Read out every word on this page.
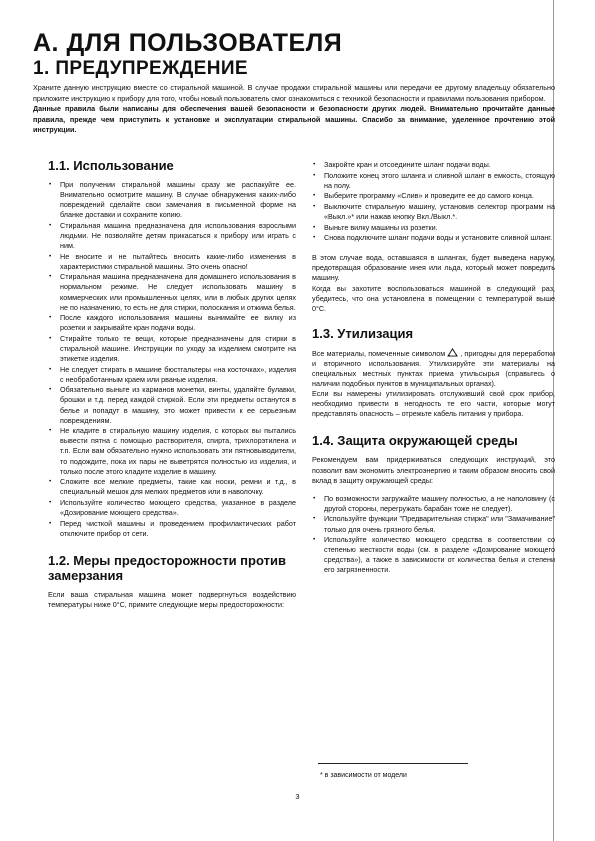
А. ДЛЯ ПОЛЬЗОВАТЕЛЯ
1. ПРЕДУПРЕЖДЕНИЕ

Храните данную инструкцию вместе со стиральной машиной. В случае продажи стиральной машины или передачи ее другому владельцу обязательно приложите инструкцию к прибору для того, чтобы новый пользователь смог ознакомиться с техникой безопасности и правилами пользования прибором.

Данные правила были написаны для обеспечения вашей безопасности и безопасности других людей. Внимательно прочитайте данные правила, прежде чем приступить к установке и эксплуатации стиральной машины. Спасибо за внимание, уделенное прочтению этой инструкции.

1.1. Использование
• При получении стиральной машины сразу же распакуйте ее. Внимательно осмотрите машину. В случае обнаружения каких-либо повреждений сделайте свои замечания в письменной форме на бланке доставки и сохраните копию.
• Стиральная машина предназначена для использования взрослыми людьми. Не позволяйте детям прикасаться к прибору или играть с ним.
• Не вносите и не пытайтесь вносить какие-либо изменения в характеристики стиральной машины. Это очень опасно!
• Стиральная машина предназначена для домашнего использования в нормальном режиме. Не следует использовать машину в коммерческих или промышленных целях, или в любых других целях не по назначению, то есть не для стирки, полоскания и отжима белья.
• После каждого использования машины вынимайте ее вилку из розетки и закрывайте кран подачи воды.
• Стирайте только те вещи, которые предназначены для стирки в стиральной машине. Инструкции по уходу за изделием смотрите на этикетке изделия.
• Не следует стирать в машине бюстгальтеры «на косточках», изделия с необработанным краем или рваные изделия.
• Обязательно выньте из карманов монетки, винты, удаляйте булавки, брошки и т.д. перед каждой стиркой. Если эти предметы останутся в белье и попадут в машину, это может привести к ее серьезным повреждениям.
• Не кладите в стиральную машину изделия, с которых вы пытались вывести пятна с помощью растворителя, спирта, трихлорэтилена и т.п. Если вам обязательно нужно использовать эти пятновыводители, то подождите, пока их пары не выветрятся полностью из изделия, и только после этого кладите изделие в машину.
• Сложите все мелкие предметы, такие как носки, ремни и т.д., в специальный мешок для мелких предметов или в наволочку.
• Используйте количество моющего средства, указанное в разделе «Дозирование моющего средства».
• Перед чисткой машины и проведением профилактических работ отключите прибор от сети.
1.2. Меры предосторожности против замерзания

Если ваша стиральная машина может подвергнуться воздействию температуры ниже 0°C, примите следующие меры предосторожности:

• Закройте кран и отсоедините шланг подачи воды.
• Положите конец этого шланга и сливной шланг в емкость, стоящую на полу.
• Выберите программу «Слив» и проведите ее до самого конца.
• Выключите стиральную машину, установив селектор программ на «Выкл.»* или нажав кнопку Вкл./Выкл.*.
• Выньте вилку машины из розетки.
• Снова подключите шланг подачи воды и установите сливной шланг.

В этом случае вода, оставшаяся в шлангах, будет выведена наружу, предотвращая образование инея или льда, который может повредить машину.

Когда вы захотите воспользоваться машиной в следующий раз, убедитесь, что она установлена в помещении с температурой выше 0°C.

1.3. Утилизация

Все материалы, помеченные символом , пригодны для переработки и вторичного использования. Утилизируйте эти материалы на специальных местных пунктах приема утильсырья (справьтесь о наличии подобных пунктов в муниципальных органах).

Если вы намерены утилизировать отслуживший свой срок прибор, необходимо привести в негодность те его части, которые могут представлять опасность – отрежьте кабель питания у прибора.

1.4. Защита окружающей среды

Рекомендуем вам придерживаться следующих инструкций, это позволит вам экономить электроэнергию и таким образом вносить свой вклад в защиту окружающей среды:

• По возможности загружайте машину полностью, а не наполовину (с другой стороны, перегружать барабан тоже не следует).
• Используйте функции "Предварительная стирка" или "Замачивание" только для очень грязного белья.
• Используйте количество моющего средства в соответствии со степенью жесткости воды (см. в разделе «Дозирование моющего средства»), а также в зависимости от количества белья и степени его загрязненности.
* в зависимости от модели
3
